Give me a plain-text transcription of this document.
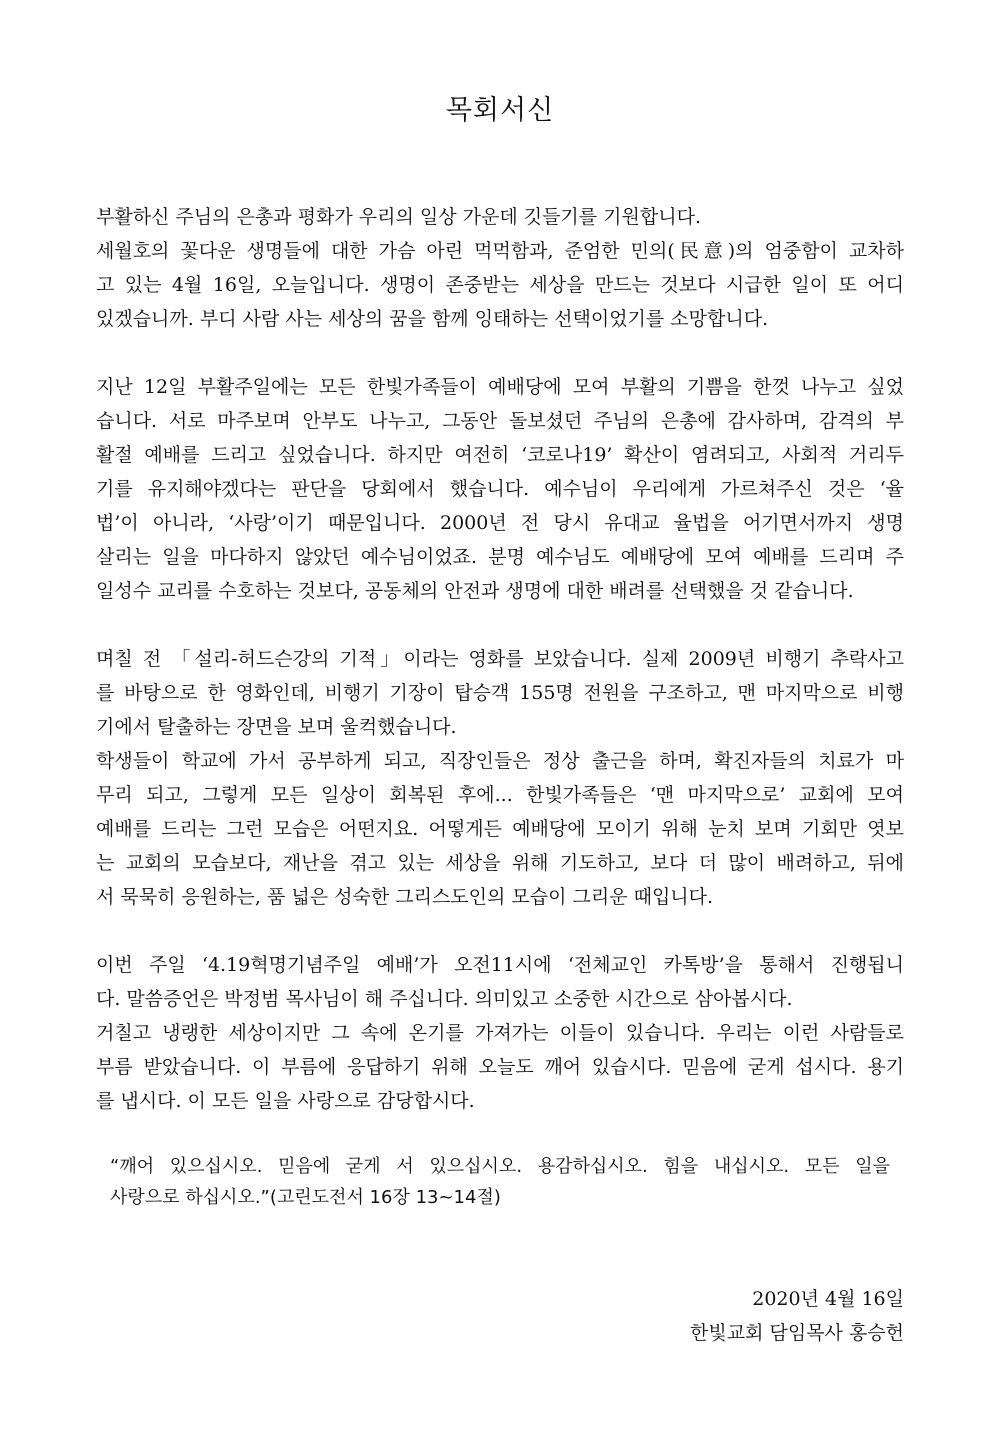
목회서신
부활하신 주님의 은총과 평화가 우리의 일상 가운데 깃들기를 기원합니다.
세월호의 꽃다운 생명들에 대한 가슴 아린 먹먹함과, 준엄한 민의(民意)의 엄중함이 교차하
고 있는 4월 16일, 오늘입니다. 생명이 존중받는 세상을 만드는 것보다 시급한 일이 또 어디
있겠습니까. 부디 사람 사는 세상의 꿈을 함께 잉태하는 선택이었기를 소망합니다.
지난 12일 부활주일에는 모든 한빛가족들이 예배당에 모여 부활의 기쁨을 한껏 나누고 싶었
습니다. 서로 마주보며 안부도 나누고, 그동안 돌보셨던 주님의 은총에 감사하며, 감격의 부
활절 예배를 드리고 싶었습니다. 하지만 여전히 ‘코로나19’ 확산이 염려되고, 사회적 거리두
기를 유지해야겠다는 판단을 당회에서 했습니다. 예수님이 우리에게 가르쳐주신 것은 ‘율
법’이 아니라, ‘사랑’이기 때문입니다. 2000년 전 당시 유대교 율법을 어기면서까지 생명
살리는 일을 마다하지 않았던 예수님이었죠. 분명 예수님도 예배당에 모여 예배를 드리며 주
일성수 교리를 수호하는 것보다, 공동체의 안전과 생명에 대한 배려를 선택했을 것 같습니다.
며칠 전 「설리-허드슨강의 기적」이라는 영화를 보았습니다. 실제 2009년 비행기 추락사고
를 바탕으로 한 영화인데, 비행기 기장이 탑승객 155명 전원을 구조하고, 맨 마지막으로 비행
기에서 탈출하는 장면을 보며 울컥했습니다.
학생들이 학교에 가서 공부하게 되고, 직장인들은 정상 출근을 하며, 확진자들의 치료가 마
무리 되고, 그렇게 모든 일상이 회복된 후에... 한빛가족들은 ‘맨 마지막으로’ 교회에 모여
예배를 드리는 그런 모습은 어떤지요. 어떻게든 예배당에 모이기 위해 눈치 보며 기회만 엿보
는 교회의 모습보다, 재난을 겪고 있는 세상을 위해 기도하고, 보다 더 많이 배려하고, 뒤에
서 묵묵히 응원하는, 품 넓은 성숙한 그리스도인의 모습이 그리운 때입니다.
이번 주일 ‘4.19혁명기념주일 예배’가 오전11시에 ‘전체교인 카톡방’을 통해서 진행됩니
다. 말씀증언은 박정범 목사님이 해 주십니다. 의미있고 소중한 시간으로 삼아봅시다.
거칠고 냉랭한 세상이지만 그 속에 온기를 가져가는 이들이 있습니다. 우리는 이런 사람들로
부름 받았습니다. 이 부름에 응답하기 위해 오늘도 깨어 있습시다. 믿음에 굳게 섭시다. 용기
를 냅시다. 이 모든 일을 사랑으로 감당합시다.
“깨어 있으십시오. 믿음에 굳게 서 있으십시오. 용감하십시오. 힘을 내십시오. 모든 일을
사랑으로 하십시오.”(고린도전서 16장 13~14절)
2020년 4월 16일
한빛교회 담임목사 홍승헌
